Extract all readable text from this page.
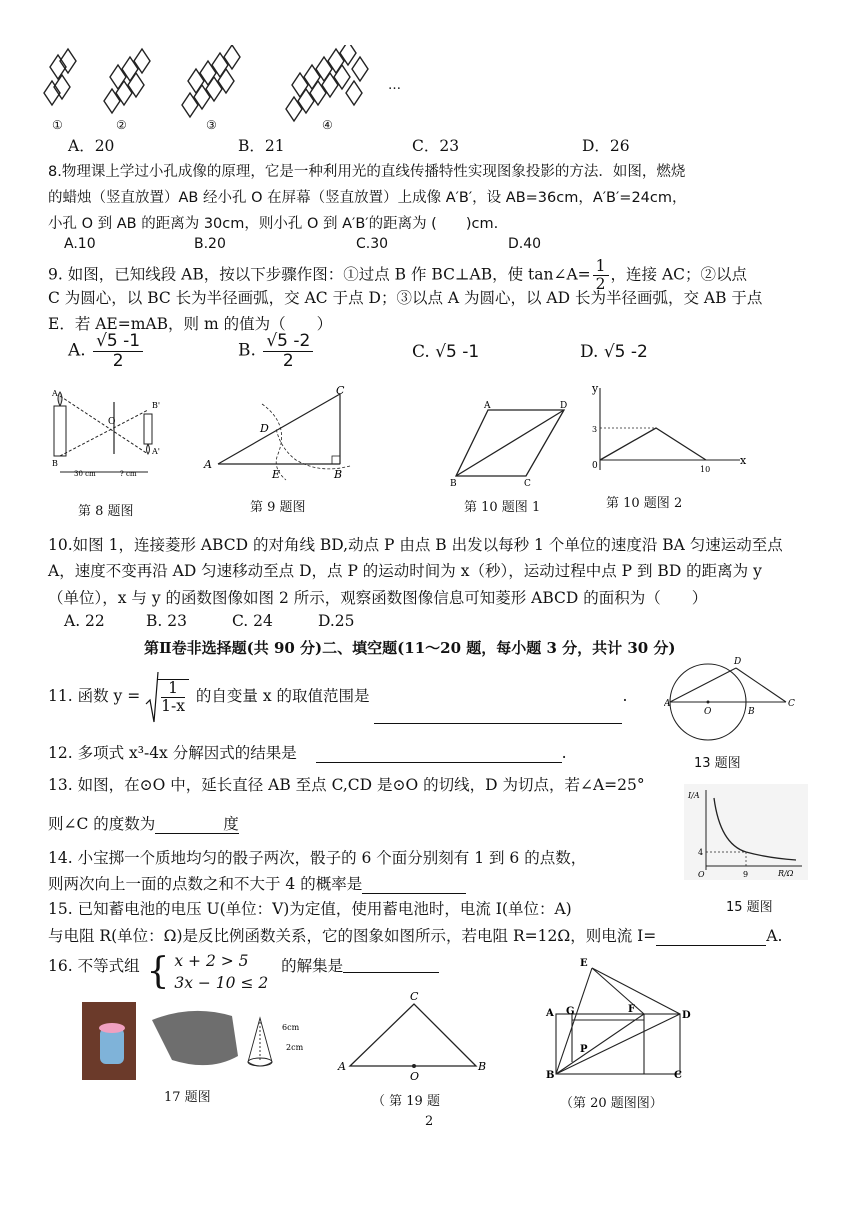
…
①	②	③	④
A．20	B．21	C．23	D．26
8.物理课上学过小孔成像的原理，它是一种利用光的直线传播特性实现图象投影的方法．如图，燃烧
的蜡烛（竖直放置）AB 经小孔 O 在屏幕（竖直放置）上成像 A′B′，设 AB=36cm，A′B′=24cm，
小孔 O 到 AB 的距离为 30cm，则小孔 O 到 A′B′的距离为 (　　)cm.
A.10	B.20	C.30	D.40
9. 如图，已知线段 AB，按以下步骤作图：①过点 B 作 BC⊥AB，使 tan∠A= $\frac{1}{2}$ ，连接 AC；②以点
C 为圆心，以 BC 长为半径画弧，交 AC 于点 D；③以点 A 为圆心，以 AD 长为半径画弧，交 AB 于点
E．若 AE=mAB，则 m 的值为（　　）
A. $\frac{√5 -1}{2}$	B. $\frac{√5 -2}{2}$	C. √5 -1	D. √5 -2
A
B
O
B'
A'
30 cm	? cm
第 8 题图
A
B
C
D
E
第 9 题图
A	D
B	C
第 10 题图 1
y
x
0
3
10
第 10 题图 2
10.如图 1，连接菱形 ABCD 的对角线 BD,动点 P 由点 B 出发以每秒 1 个单位的速度沿 BA 匀速运动至点
A，速度不变再沿 AD 匀速移动至点 D，点 P 的运动时间为 x（秒），运动过程中点 P 到 BD 的距离为 y
（单位），x 与 y 的函数图像如图 2 所示，观察函数图像信息可知菱形 ABCD 的面积为（　　）
A. 22	B. 23	C. 24	D.25
第Ⅱ卷非选择题(共 90 分)二、填空题(11～20 题，每小题 3 分，共计 30 分)
11. 函数 $y = \frac{1}{1-x}$ 的自变量 x 的取值范围是	.	A
O	B
C
D
13 题图
12. 多项式 x³-4x 分解因式的结果是	.
13. 如图，在⊙O 中，延长直径 AB 至点 C,CD 是⊙O 的切线，D 为切点，若∠A=25°
则∠C 的度数为	度
I/A
R/Ω
4
9
O
15 题图
14. 小宝掷一个质地均匀的骰子两次，骰子的 6 个面分别刻有 1 到 6 的点数，
则两次向上一面的点数之和不大于 4 的概率是
15. 已知蓄电池的电压 U(单位：V)为定值，使用蓄电池时，电流 I(单位：A)
与电阻 R(单位：Ω)是反比例函数关系，它的图象如图所示，若电阻 R=12Ω，则电流 I=	A.
16. 不等式组 { x + 2 > 5
3x − 10 ≤ 2
的解集是
6cm
2cm
17 题图
A	B
C
O
（ 第 19 题
E
A G	F
D
P
B	C
（第 20 题图图）
2
